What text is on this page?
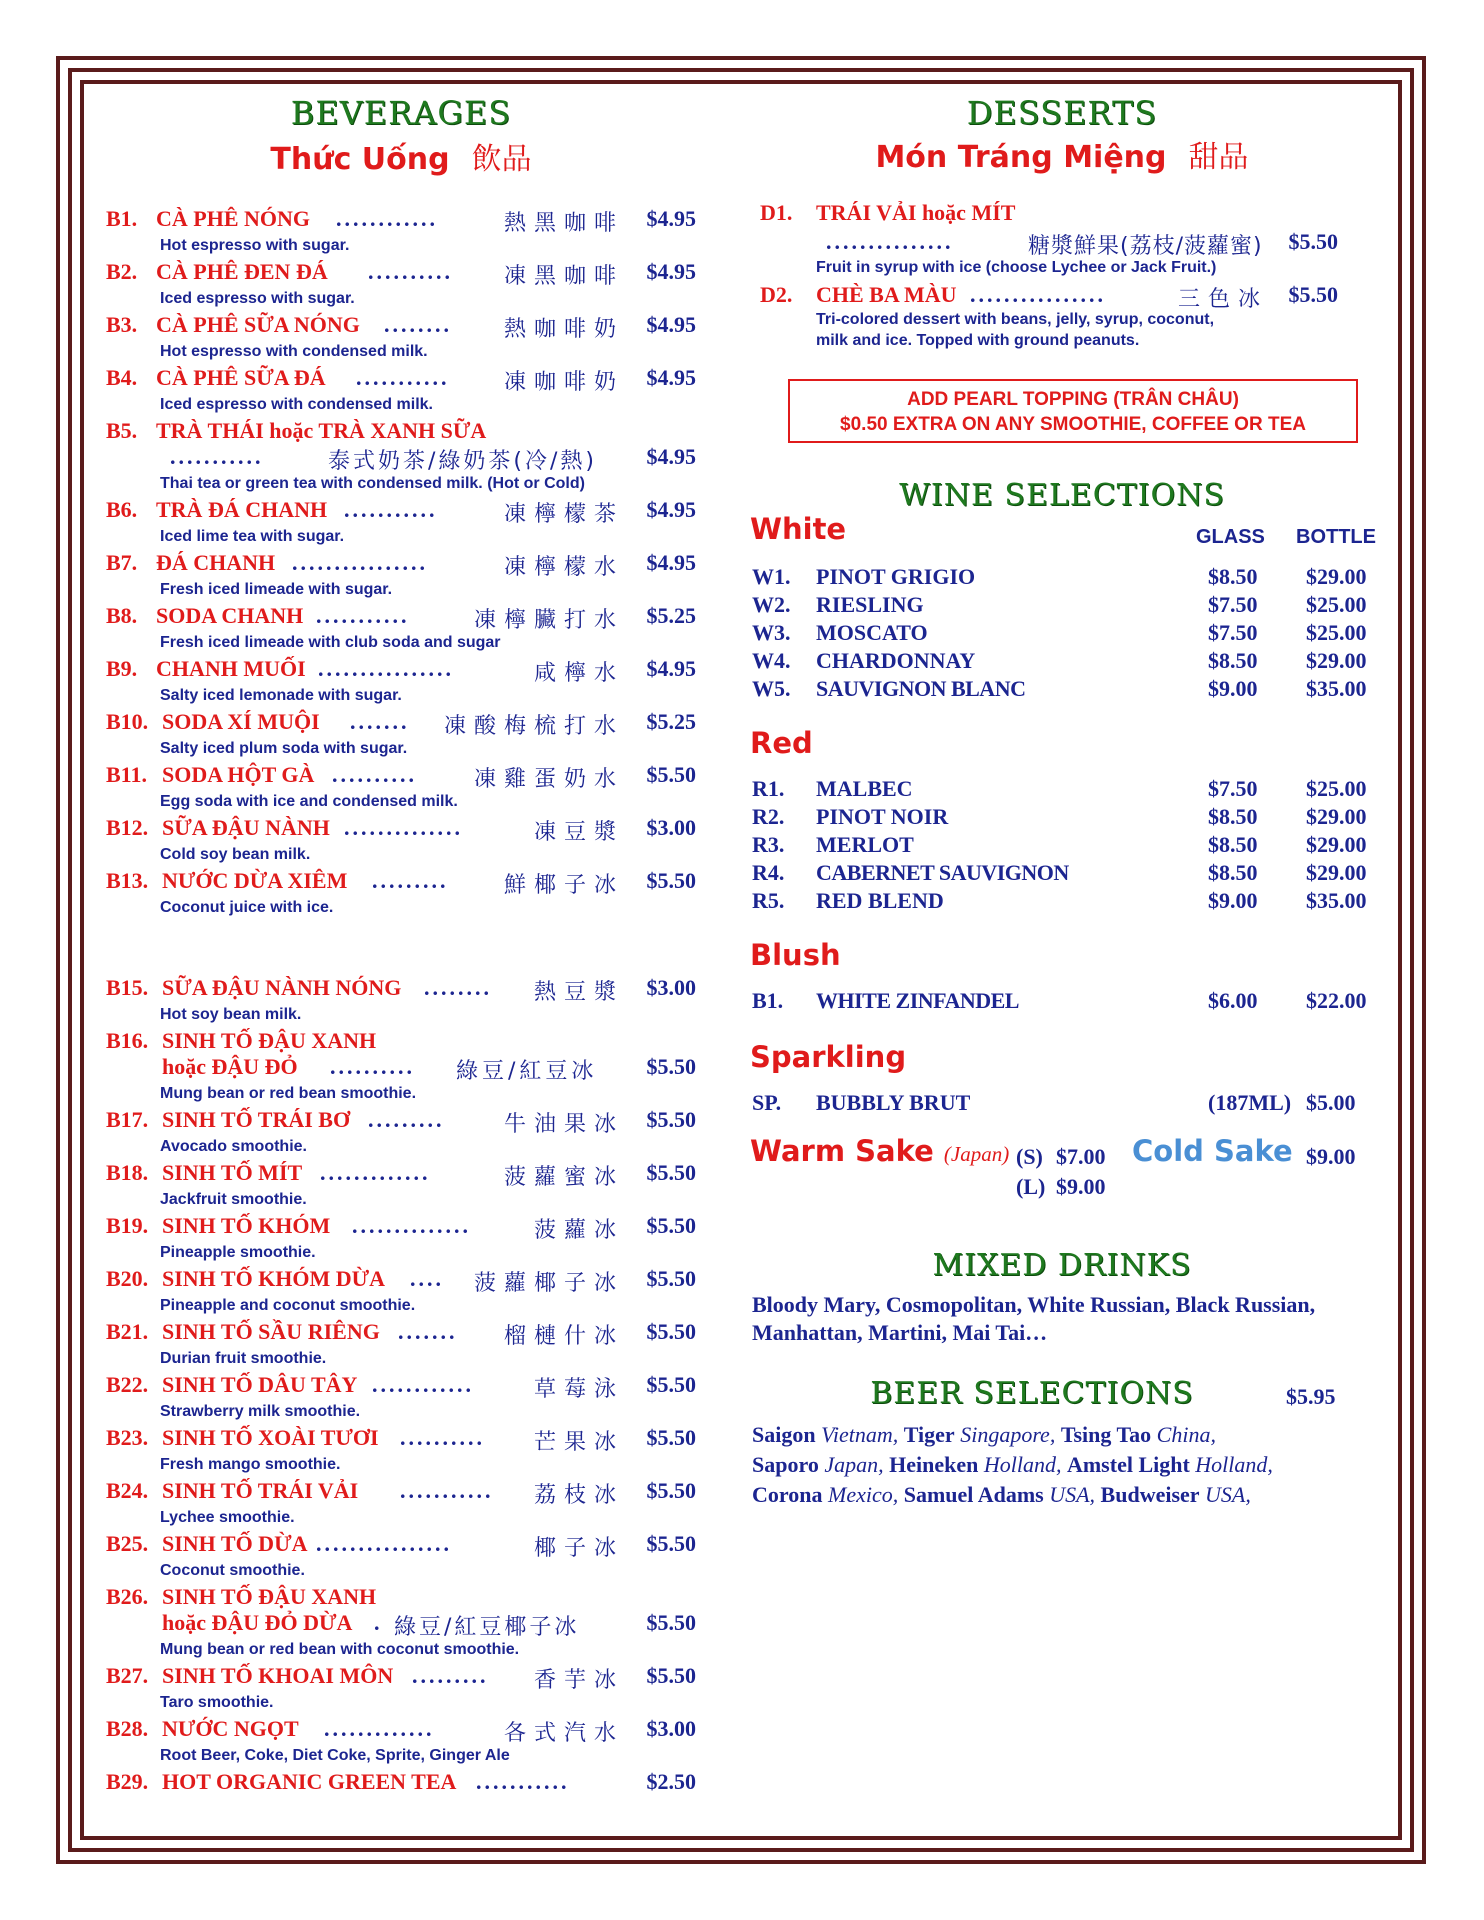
BEVERAGES
Thức Uống 飲品
B1. CÀ PHÊ NÓNG ............	熱黑咖啡 $4.95
Hot espresso with sugar.
B2. CÀ PHÊ ĐEN ĐÁ ..........	凍黑咖啡 $4.95
Iced espresso with sugar.
B3. CÀ PHÊ SỮA NÓNG ........	熱咖啡奶 $4.95
Hot espresso with condensed milk.
B4. CÀ PHÊ SỮA ĐÁ ...........	凍咖啡奶 $4.95
Iced espresso with condensed milk.
B5. TRÀ THÁI hoặc TRÀ XANH SỮA
...........	泰式奶茶/綠奶茶(冷/熱) $4.95
Thai tea or green tea with condensed milk. (Hot or Cold)
B6. TRÀ ĐÁ CHANH ...........	凍檸檬茶 $4.95
Iced lime tea with sugar.
B7. ĐÁ CHANH ................	凍檸檬水 $4.95
Fresh iced limeade with sugar.
B8. SODA CHANH ...........	凍檸臟打水 $5.25
Fresh iced limeade with club soda and sugar
B9. CHANH MUỐI ................	咸檸水 $4.95
Salty iced lemonade with sugar.
B10. SODA XÍ MUỘI .......	凍酸梅梳打水 $5.25
Salty iced plum soda with sugar.
B11. SODA HỘT GÀ ..........	凍雞蛋奶水 $5.50
Egg soda with ice and condensed milk.
B12. SỮA ĐẬU NÀNH ..............	凍豆漿 $3.00
Cold soy bean milk.
B13. NƯỚC DỪA XIÊM .........	鮮椰子冰 $5.50
Coconut juice with ice.
B15. SỮA ĐẬU NÀNH NÓNG ........	熱豆漿 $3.00
Hot soy bean milk.
B16. SINH TỐ ĐẬU XANH
hoặc ĐẬU ĐỎ ..........	綠豆/紅豆冰 $5.50
Mung bean or red bean smoothie.
B17. SINH TỐ TRÁI BƠ .........	牛油果冰 $5.50
Avocado smoothie.
B18. SINH TỐ MÍT .............	菠蘿蜜冰 $5.50
Jackfruit smoothie.
B19. SINH TỐ KHÓM ..............	菠蘿冰 $5.50
Pineapple smoothie.
B20. SINH TỐ KHÓM DỪA ....	菠蘿椰子冰 $5.50
Pineapple and coconut smoothie.
B21. SINH TỐ SẦU RIÊNG .......	榴槤什冰 $5.50
Durian fruit smoothie.
B22. SINH TỐ DÂU TÂY ............	草莓泳 $5.50
Strawberry milk smoothie.
B23. SINH TỐ XOÀI TƯƠI ..........	芒果冰 $5.50
Fresh mango smoothie.
B24. SINH TỐ TRÁI VẢI ...........	荔枝冰 $5.50
Lychee smoothie.
B25. SINH TỐ DỪA ................	椰子冰 $5.50
Coconut smoothie.
B26. SINH TỐ ĐẬU XANH
hoặc ĐẬU ĐỎ DỪA . 綠豆/紅豆椰子冰	$5.50
Mung bean or red bean with coconut smoothie.
B27. SINH TỐ KHOAI MÔN .........	香芋冰 $5.50
Taro smoothie.
B28. NƯỚC NGỌT .............	各式汽水 $3.00
Root Beer, Coke, Diet Coke, Sprite, Ginger Ale
B29. HOT ORGANIC GREEN TEA ...........	$2.50
DESSERTS
Món Tráng Miệng 甜品
D1. TRÁI VẢI hoặc MÍT
...............	糖漿鮮果(荔枝/菠蘿蜜) $5.50
Fruit in syrup with ice (choose Lychee or Jack Fruit.)
D2. CHÈ BA MÀU ................	三色冰 $5.50
Tri-colored dessert with beans, jelly, syrup, coconut,
milk and ice. Topped with ground peanuts.
ADD PEARL TOPPING (TRÂN CHÂU)
$0.50 EXTRA ON ANY SMOOTHIE, COFFEE OR TEA
WINE SELECTIONS
White	GLASS BOTTLE
W1. PINOT GRIGIO	$8.50 $29.00
W2. RIESLING	$7.50 $25.00
W3. MOSCATO	$7.50 $25.00
W4. CHARDONNAY	$8.50 $29.00
W5. SAUVIGNON BLANC	$9.00 $35.00
Red
R1. MALBEC	$7.50 $25.00
R2. PINOT NOIR	$8.50 $29.00
R3. MERLOT	$8.50 $29.00
R4. CABERNET SAUVIGNON	$8.50 $29.00
R5. RED BLEND	$9.00 $35.00
Blush
B1. WHITE ZINFANDEL	$6.00 $22.00
Sparkling
SP. BUBBLY BRUT	(187ML) $5.00
Warm Sake (Japan) (S) $7.00
(L) $9.00
Cold Sake $9.00
MIXED DRINKS
Bloody Mary, Cosmopolitan, White Russian, Black Russian,
Manhattan, Martini, Mai Tai…
BEER SELECTIONS	$5.95
Saigon Vietnam, Tiger Singapore, Tsing Tao China,
Saporo Japan, Heineken Holland, Amstel Light Holland,
Corona Mexico, Samuel Adams USA, Budweiser USA,
